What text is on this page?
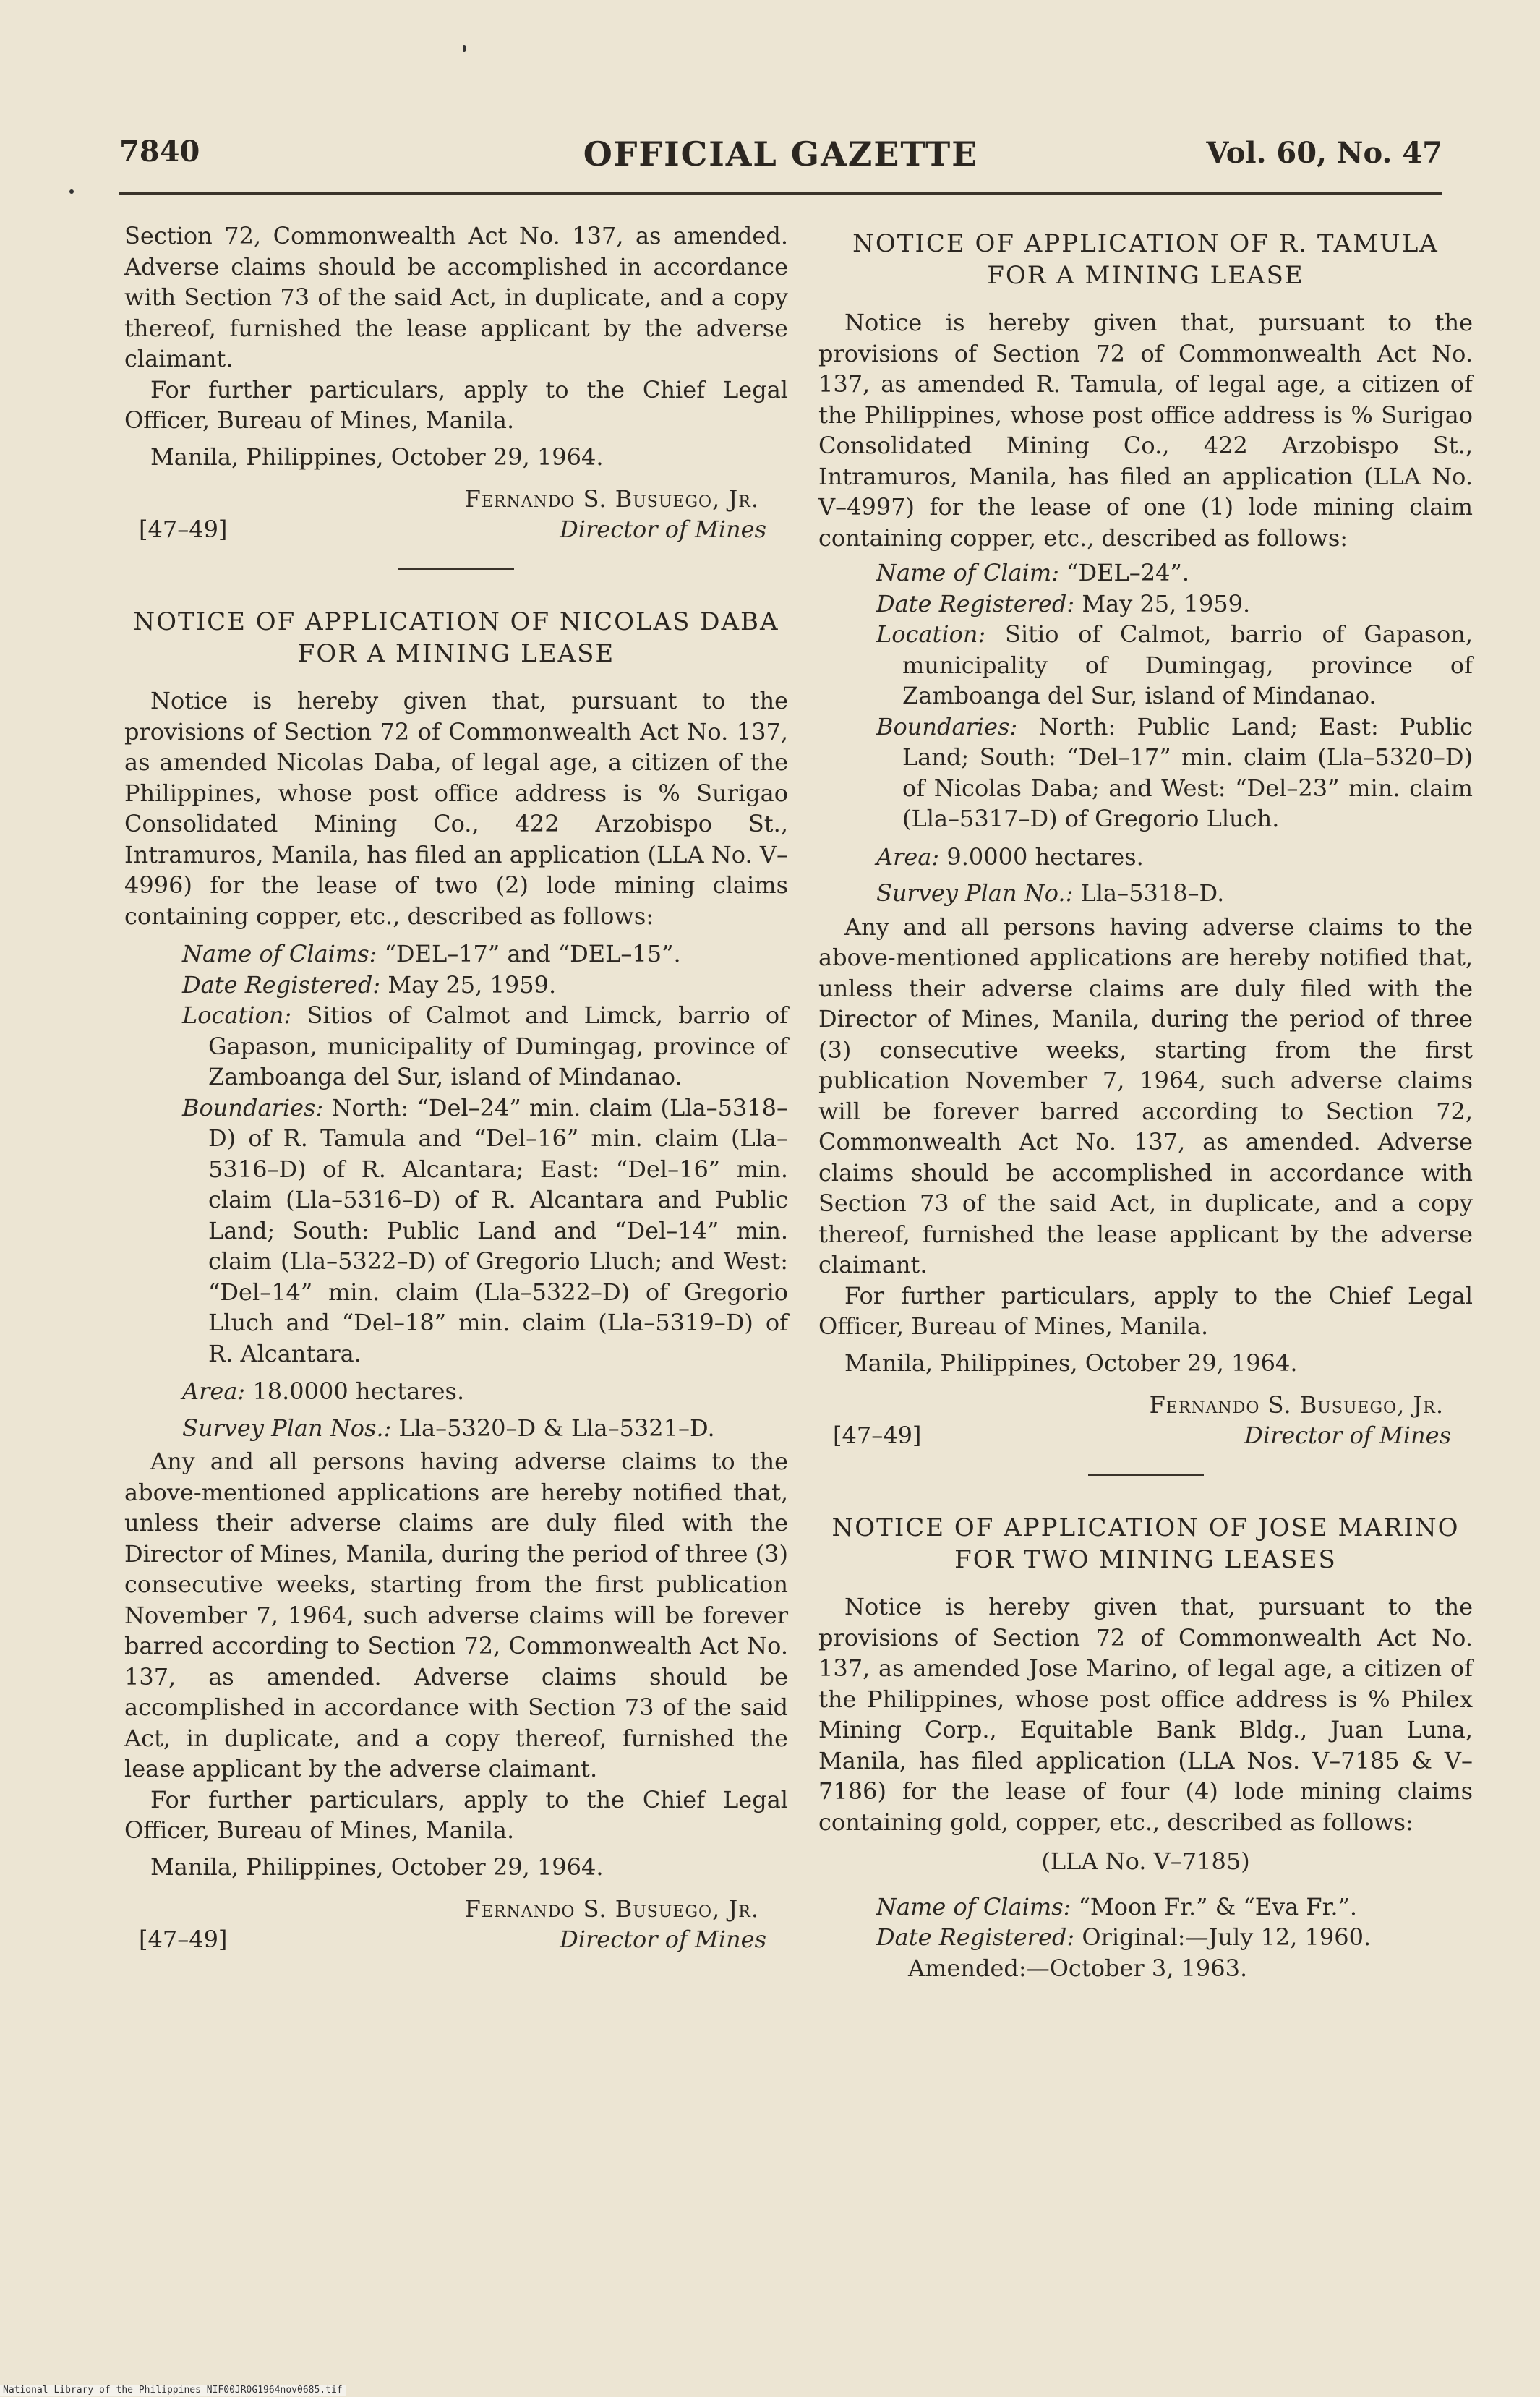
7840	OFFICIAL GAZETTE	Vol. 60, No. 47

Section 72, Commonwealth Act No. 137, as amended. Adverse claims should be accomplished in accordance with Section 73 of the said Act, in duplicate, and a copy thereof, furnished the lease applicant by the adverse claimant.

For further particulars, apply to the Chief Legal Officer, Bureau of Mines, Manila.

Manila, Philippines, October 29, 1964.

Fernando S. Busuego, Jr.
Director of Mines
[47–49]
NOTICE OF APPLICATION OF NICOLAS DABA FOR A MINING LEASE

Notice is hereby given that, pursuant to the provisions of Section 72 of Commonwealth Act No. 137, as amended Nicolas Daba, of legal age, a citizen of the Philippines, whose post office address is % Surigao Consolidated Mining Co., 422 Arzobispo St., Intramuros, Manila, has filed an application (LLA No. V–4996) for the lease of two (2) lode mining claims containing copper, etc., described as follows:

Name of Claims: “DEL–17” and “DEL–15”.

Date Registered: May 25, 1959.

Location: Sitios of Calmot and Limck, barrio of Gapason, municipality of Dumingag, province of Zamboanga del Sur, island of Mindanao.

Boundaries: North: “Del–24” min. claim (Lla–5318–D) of R. Tamula and “Del–16” min. claim (Lla–5316–D) of R. Alcantara; East: “Del–16” min. claim (Lla–5316–D) of R. Alcantara and Public Land; South: Public Land and “Del–14” min. claim (Lla–5322–D) of Gregorio Lluch; and West: “Del–14” min. claim (Lla–5322–D) of Gregorio Lluch and “Del–18” min. claim (Lla–5319–D) of R. Alcantara.

Area: 18.0000 hectares.

Survey Plan Nos.: Lla–5320–D & Lla–5321–D.

Any and all persons having adverse claims to the above-mentioned applications are hereby notified that, unless their adverse claims are duly filed with the Director of Mines, Manila, during the period of three (3) consecutive weeks, starting from the first publication November 7, 1964, such adverse claims will be forever barred according to Section 72, Commonwealth Act No. 137, as amended. Adverse claims should be accomplished in accordance with Section 73 of the said Act, in duplicate, and a copy thereof, furnished the lease applicant by the adverse claimant.

For further particulars, apply to the Chief Legal Officer, Bureau of Mines, Manila.

Manila, Philippines, October 29, 1964.

Fernando S. Busuego, Jr.
Director of Mines
[47–49]
NOTICE OF APPLICATION OF R. TAMULA FOR A MINING LEASE

Notice is hereby given that, pursuant to the provisions of Section 72 of Commonwealth Act No. 137, as amended R. Tamula, of legal age, a citizen of the Philippines, whose post office address is % Surigao Consolidated Mining Co., 422 Arzobispo St., Intramuros, Manila, has filed an application (LLA No. V–4997) for the lease of one (1) lode mining claim containing copper, etc., described as follows:

Name of Claim: “DEL–24”.

Date Registered: May 25, 1959.

Location: Sitio of Calmot, barrio of Gapason, municipality of Dumingag, province of Zamboanga del Sur, island of Mindanao.

Boundaries: North: Public Land; East: Public Land; South: “Del–17” min. claim (Lla–5320–D) of Nicolas Daba; and West: “Del–23” min. claim (Lla–5317–D) of Gregorio Lluch.

Area: 9.0000 hectares.

Survey Plan No.: Lla–5318–D.

Any and all persons having adverse claims to the above-mentioned applications are hereby notified that, unless their adverse claims are duly filed with the Director of Mines, Manila, during the period of three (3) consecutive weeks, starting from the first publication November 7, 1964, such adverse claims will be forever barred according to Section 72, Commonwealth Act No. 137, as amended. Adverse claims should be accomplished in accordance with Section 73 of the said Act, in duplicate, and a copy thereof, furnished the lease applicant by the adverse claimant.

For further particulars, apply to the Chief Legal Officer, Bureau of Mines, Manila.

Manila, Philippines, October 29, 1964.

Fernando S. Busuego, Jr.
Director of Mines
[47–49]
NOTICE OF APPLICATION OF JOSE MARINO FOR TWO MINING LEASES

Notice is hereby given that, pursuant to the provisions of Section 72 of Commonwealth Act No. 137, as amended Jose Marino, of legal age, a citizen of the Philippines, whose post office address is % Philex Mining Corp., Equitable Bank Bldg., Juan Luna, Manila, has filed application (LLA Nos. V–7185 & V–7186) for the lease of four (4) lode mining claims containing gold, copper, etc., described as follows:

(LLA No. V–7185)

Name of Claims: “Moon Fr.” & “Eva Fr.”.

Date Registered: Original:—July 12, 1960.

Amended:—October 3, 1963.

National Library of the Philippines NIF00JR0G1964nov0685.tif
